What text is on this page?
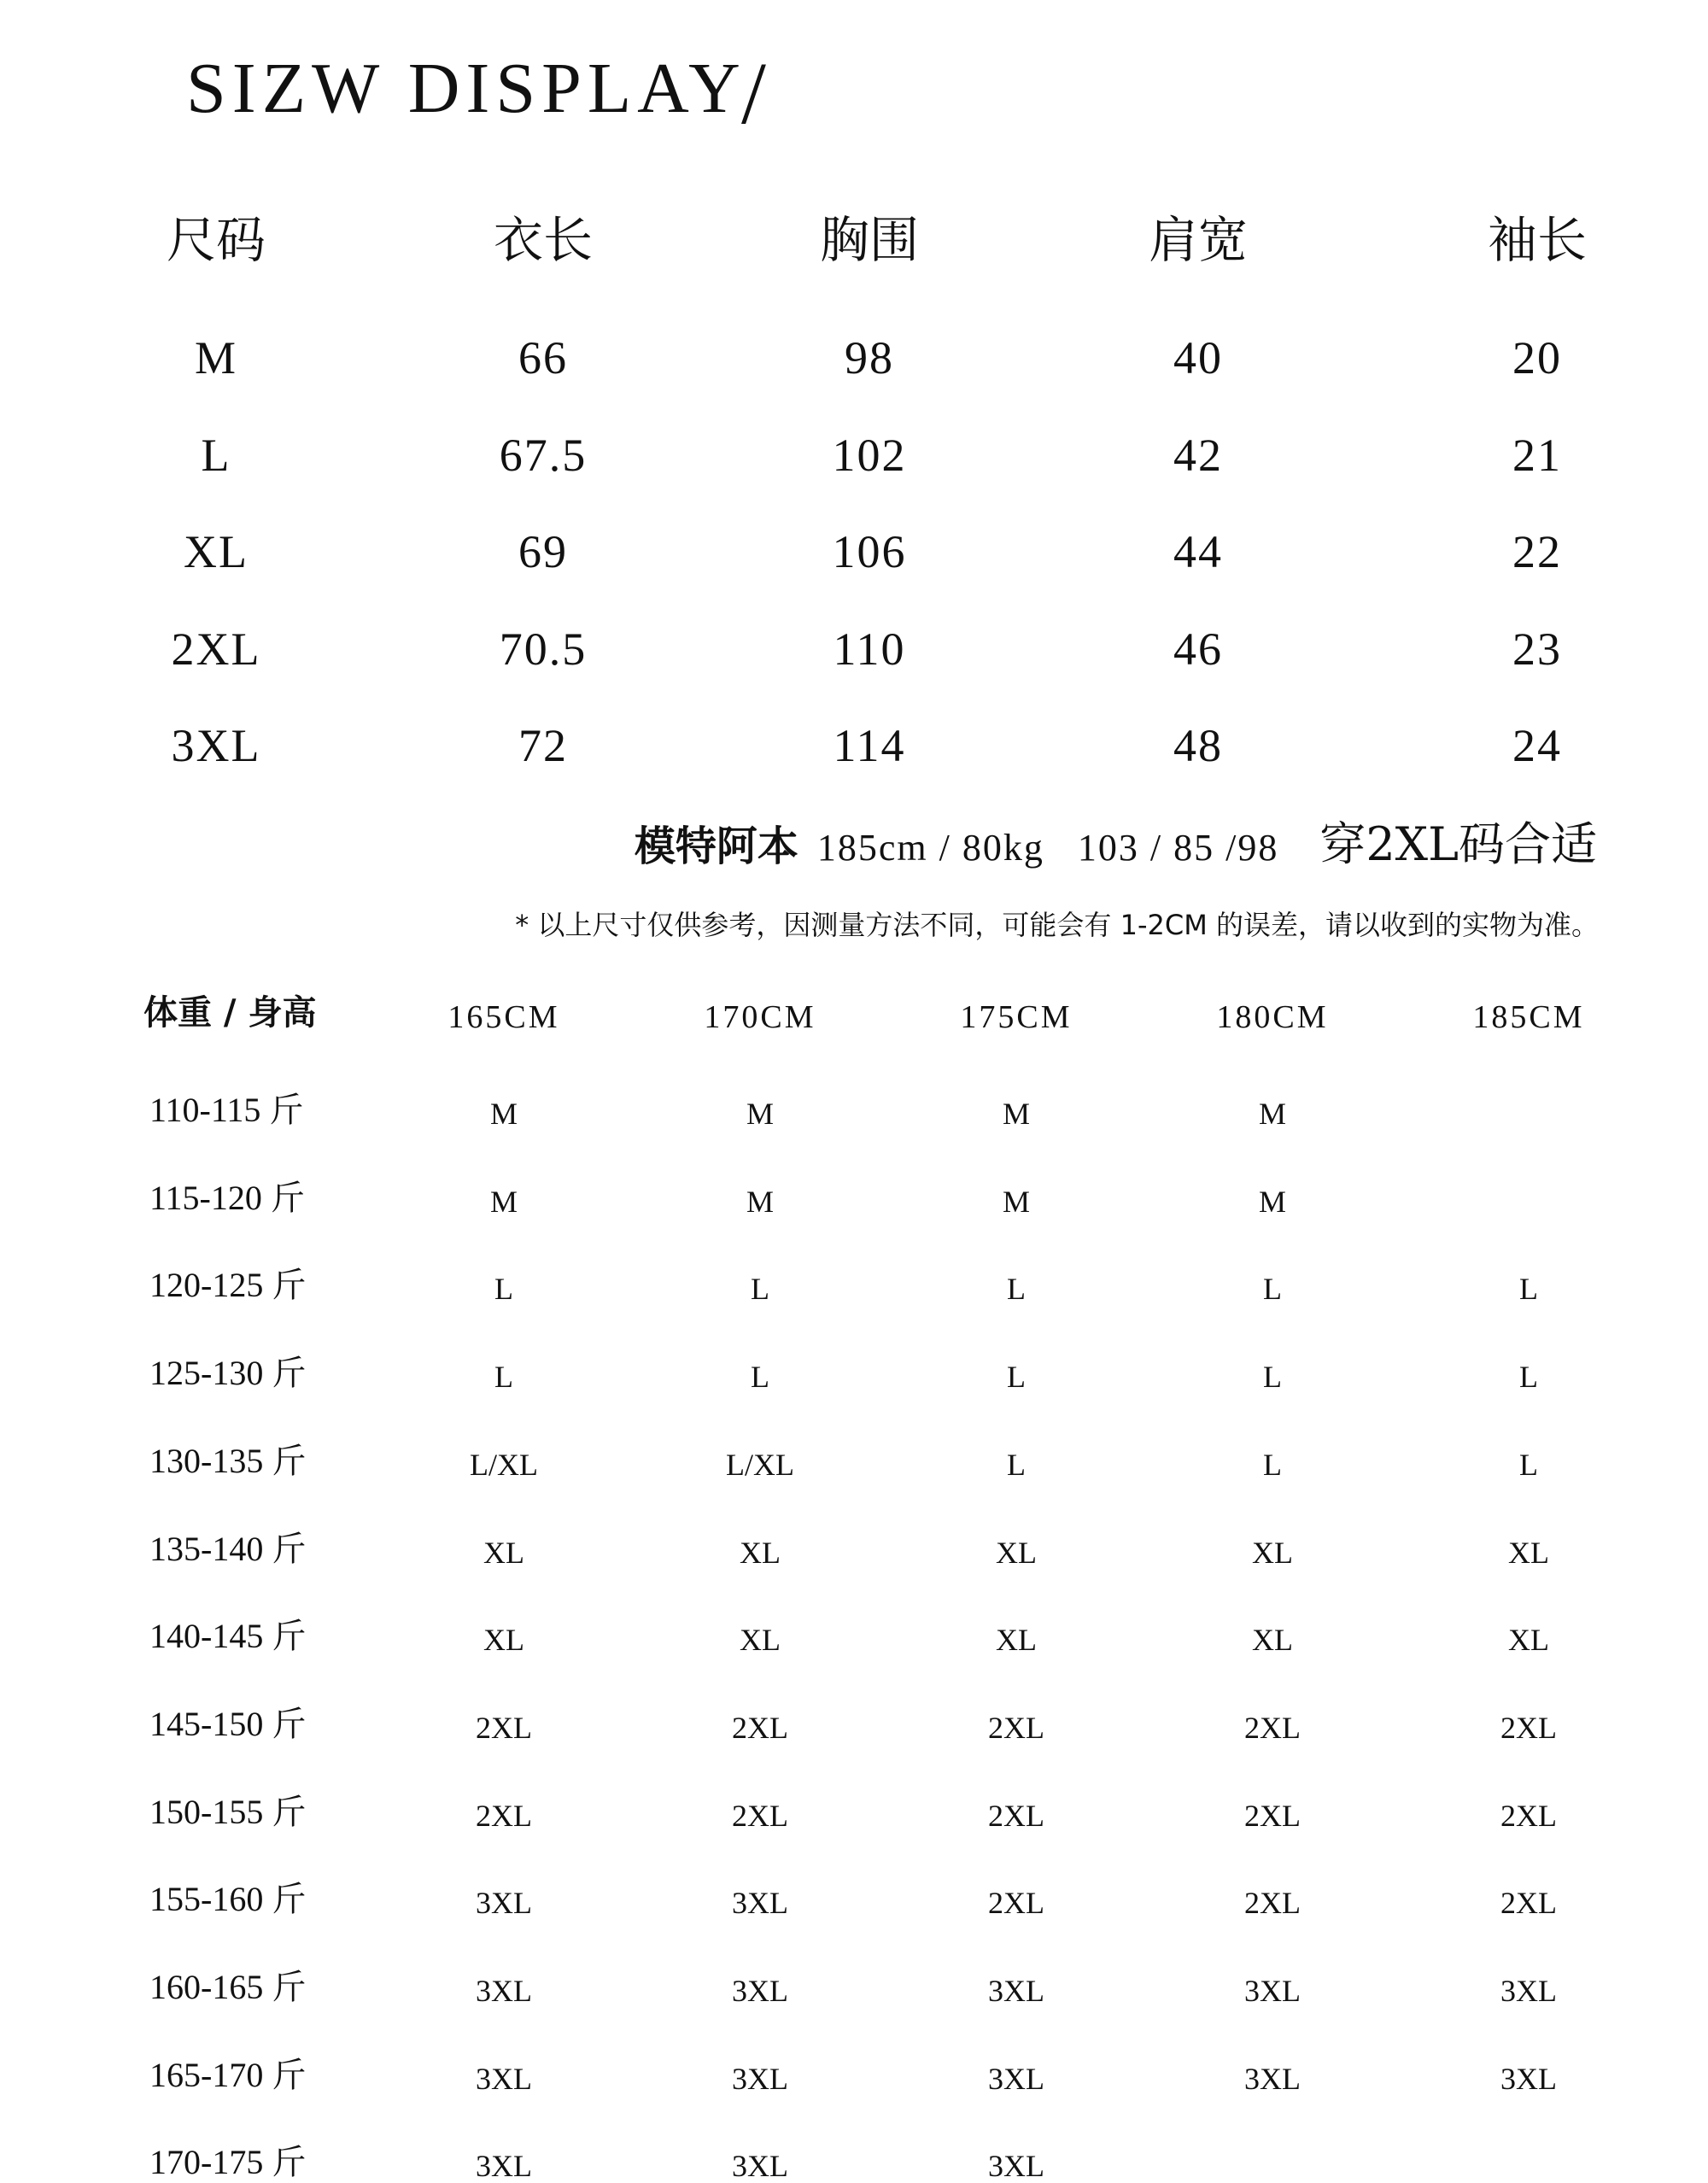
SIZW DISPLAY
/
尺码	衣长	胸围	肩宽	袖长
M	66	98	40	20
L	67.5	102	42	21
XL	69	106	44	22
2XL	70.5	110	46	23
3XL	72	114	48	24
模特阿本 185cm / 80kg   103 / 85 /98 穿2XL码合适
* 以上尺寸仅供参考，因测量方法不同，可能会有 1-2CM 的误差，请以收到的实物为准。
体重 / 身高	165CM	170CM	175CM	180CM	185CM
110-115 斤	M	M	M	M
115-120 斤	M	M	M	M
120-125 斤	L	L	L	L	L
125-130 斤	L	L	L	L	L
130-135 斤	L/XL	L/XL	L	L	L
135-140 斤	XL	XL	XL	XL	XL
140-145 斤	XL	XL	XL	XL	XL
145-150 斤	2XL	2XL	2XL	2XL	2XL
150-155 斤	2XL	2XL	2XL	2XL	2XL
155-160 斤	3XL	3XL	2XL	2XL	2XL
160-165 斤	3XL	3XL	3XL	3XL	3XL
165-170 斤	3XL	3XL	3XL	3XL	3XL
170-175 斤	3XL	3XL	3XL
